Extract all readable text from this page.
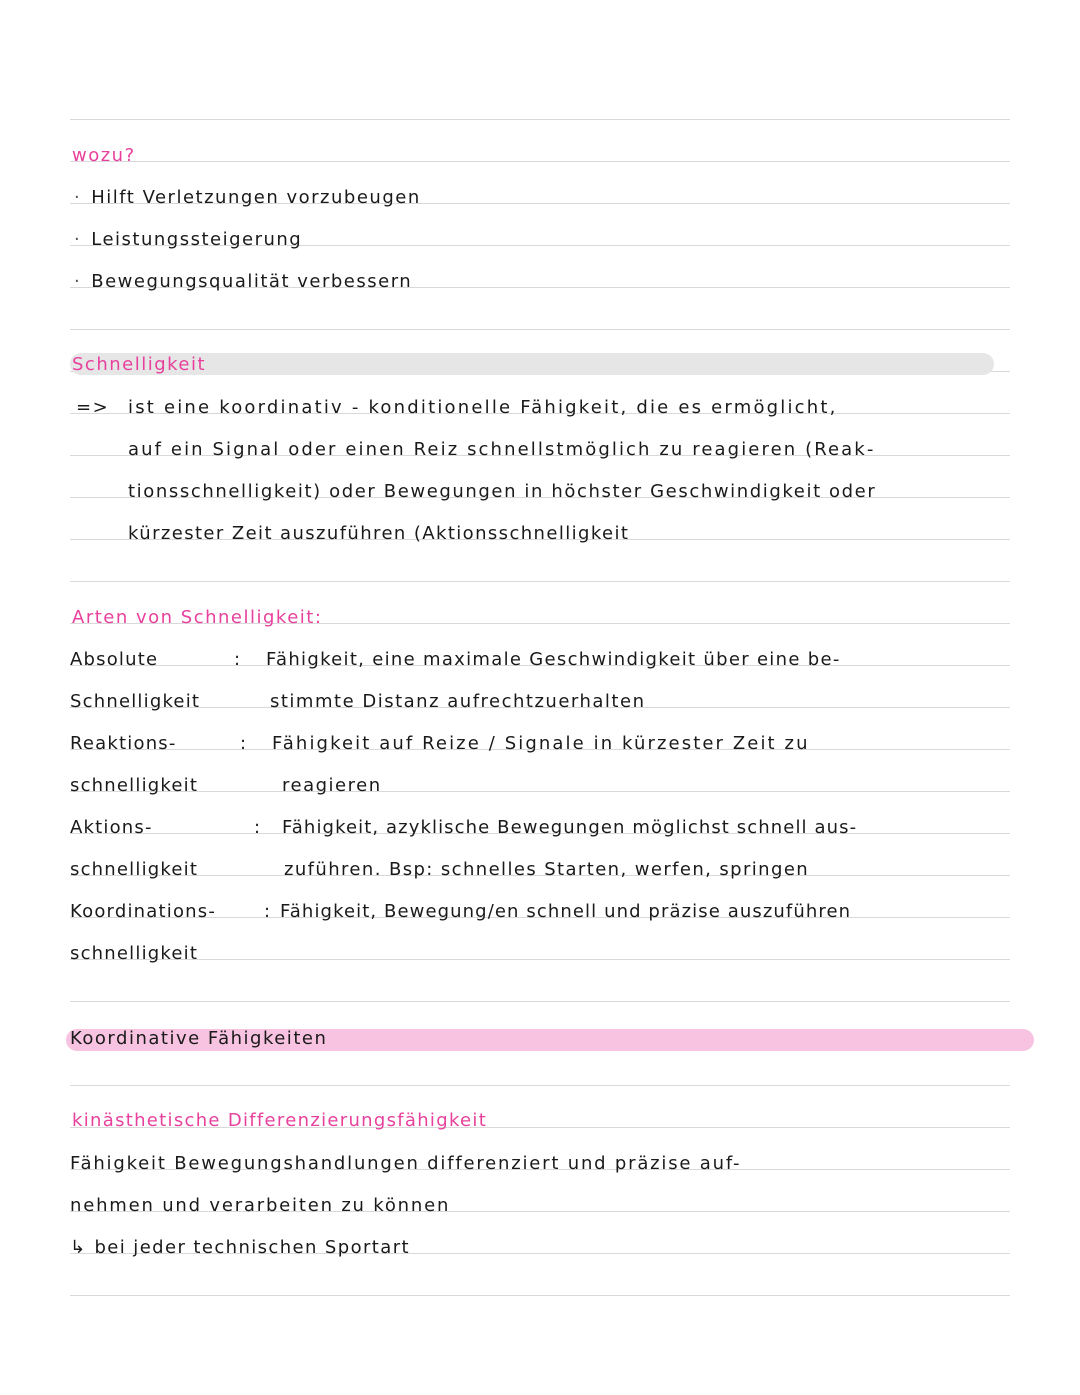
wozu?
· Hilft Verletzungen vorzubeugen
· Leistungssteigerung
· Bewegungsqualität verbessern
Schnelligkeit
=> ist eine koordinativ - konditionelle Fähigkeit, die es ermöglicht,
auf ein Signal oder einen Reiz schnellstmöglich zu reagieren (Reak-
tionsschnelligkeit) oder Bewegungen in höchster Geschwindigkeit oder
kürzester Zeit auszuführen (Aktionsschnelligkeit
Arten von Schnelligkeit:
Absolute	: Fähigkeit, eine maximale Geschwindigkeit über eine be-
Schnelligkeit	stimmte Distanz aufrechtzuerhalten
Reaktions-	: Fähigkeit auf Reize / Signale in kürzester Zeit zu
schnelligkeit	reagieren
Aktions-	: Fähigkeit, azyklische Bewegungen möglichst schnell aus-
schnelligkeit	zuführen. Bsp: schnelles Starten, werfen, springen
Koordinations-	: Fähigkeit, Bewegung/en schnell und präzise auszuführen
schnelligkeit
Koordinative Fähigkeiten
kinästhetische Differenzierungsfähigkeit
Fähigkeit Bewegungshandlungen differenziert und präzise auf-
nehmen und verarbeiten zu können
↳ bei jeder technischen Sportart
